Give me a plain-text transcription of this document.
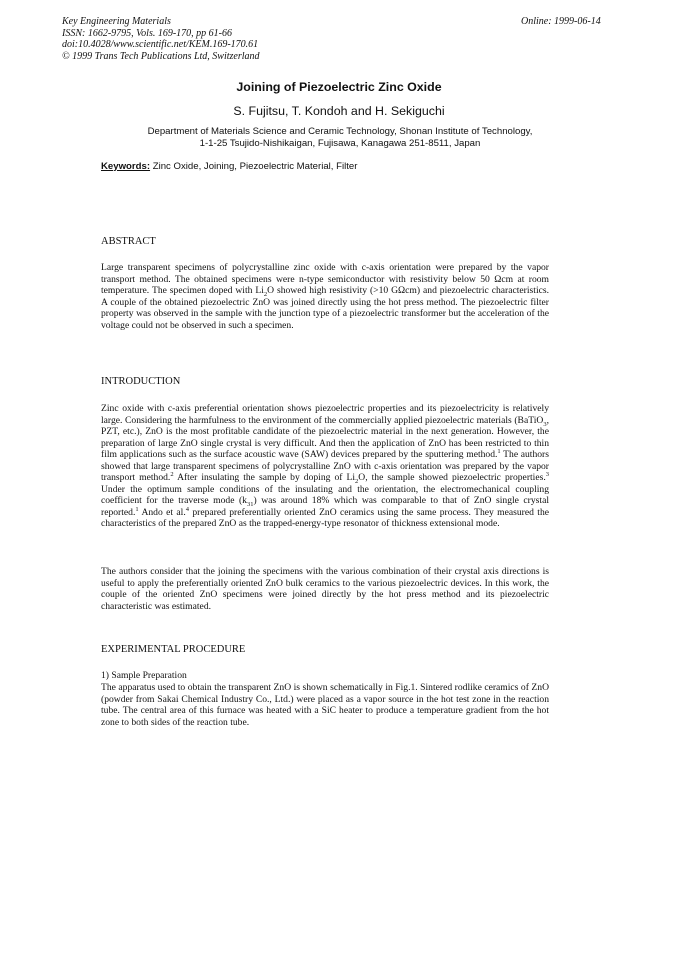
Key Engineering Materials
ISSN: 1662-9795, Vols. 169-170, pp 61-66
doi:10.4028/www.scientific.net/KEM.169-170.61
© 1999 Trans Tech Publications Ltd, Switzerland
Online: 1999-06-14
Joining of Piezoelectric Zinc Oxide
S. Fujitsu, T. Kondoh and H. Sekiguchi
Department of Materials Science and Ceramic Technology, Shonan Institute of Technology,
1-1-25 Tsujido-Nishikaigan, Fujisawa, Kanagawa 251-8511, Japan
Keywords: Zinc Oxide, Joining, Piezoelectric Material, Filter
ABSTRACT

Large transparent specimens of polycrystalline zinc oxide with c-axis orientation were prepared by the vapor transport method. The obtained specimens were n-type semiconductor with resistivity below 50 Ωcm at room temperature. The specimen doped with $Li_2O$ showed high resistivity (>10 GΩcm) and piezoelectric characteristics. A couple of the obtained piezoelectric ZnO was joined directly using the hot press method. The piezoelectric filter property was observed in the sample with the junction type of a piezoelectric transformer but the acceleration of the voltage could not be observed in such a specimen.

INTRODUCTION

Zinc oxide with c-axis preferential orientation shows piezoelectric properties and its piezoelectricity is relatively large. Considering the harmfulness to the environment of the commercially applied piezoelectric materials (BaTiO$_3$, PZT, etc.), ZnO is the most profitable candidate of the piezoelectric material in the next generation. However, the preparation of large ZnO single crystal is very difficult. And then the application of ZnO has been restricted to thin film applications such as the surface acoustic wave (SAW) devices prepared by the sputtering method.$^1$ The authors showed that large transparent specimens of polycrystalline ZnO with c-axis orientation was prepared by the vapor transport method.$^2$ After insulating the sample by doping of $Li_2O$, the sample showed piezoelectric properties.$^3$ Under the optimum sample conditions of the insulating and the orientation, the electromechanical coupling coefficient for the traverse mode $(k_{31})$ was around 18% which was comparable to that of ZnO single crystal reported.$^1$ Ando et al.$^4$ prepared preferentially oriented ZnO ceramics using the same process. They measured the characteristics of the prepared ZnO as the trapped-energy-type resonator of thickness extensional mode.

The authors consider that the joining the specimens with the various combination of their crystal axis directions is useful to apply the preferentially oriented ZnO bulk ceramics to the various piezoelectric devices. In this work, the couple of the oriented ZnO specimens were joined directly by the hot press method and its piezoelectric characteristic was estimated.

EXPERIMENTAL PROCEDURE
1) Sample Preparation

The apparatus used to obtain the transparent ZnO is shown schematically in Fig.1. Sintered rodlike ceramics of ZnO (powder from Sakai Chemical Industry Co., Ltd.) were placed as a vapor source in the hot test zone in the reaction tube. The central area of this furnace was heated with a SiC heater to produce a temperature gradient from the hot zone to both sides of the reaction tube.
